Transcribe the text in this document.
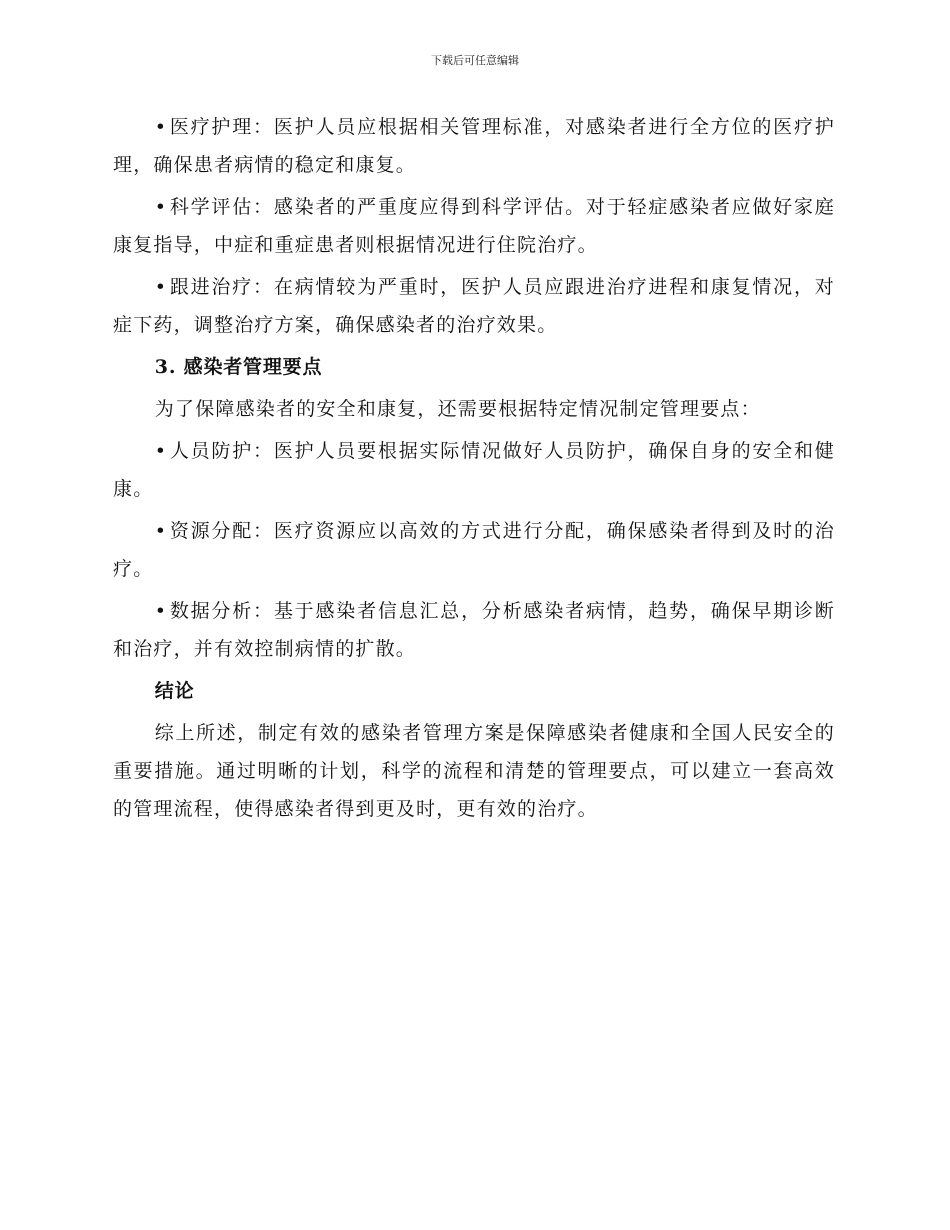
下载后可任意编辑

• 医疗护理：医护人员应根据相关管理标准，对感染者进行全方位的医疗护理，确保患者病情的稳定和康复。

• 科学评估：感染者的严重度应得到科学评估。对于轻症感染者应做好家庭康复指导，中症和重症患者则根据情况进行住院治疗。

• 跟进治疗：在病情较为严重时，医护人员应跟进治疗进程和康复情况，对症下药，调整治疗方案，确保感染者的治疗效果。

3. 感染者管理要点

为了保障感染者的安全和康复，还需要根据特定情况制定管理要点：

• 人员防护：医护人员要根据实际情况做好人员防护，确保自身的安全和健康。

• 资源分配：医疗资源应以高效的方式进行分配，确保感染者得到及时的治疗。

• 数据分析：基于感染者信息汇总，分析感染者病情，趋势，确保早期诊断和治疗，并有效控制病情的扩散。

结论

综上所述，制定有效的感染者管理方案是保障感染者健康和全国人民安全的重要措施。通过明晰的计划，科学的流程和清楚的管理要点，可以建立一套高效的管理流程，使得感染者得到更及时，更有效的治疗。
